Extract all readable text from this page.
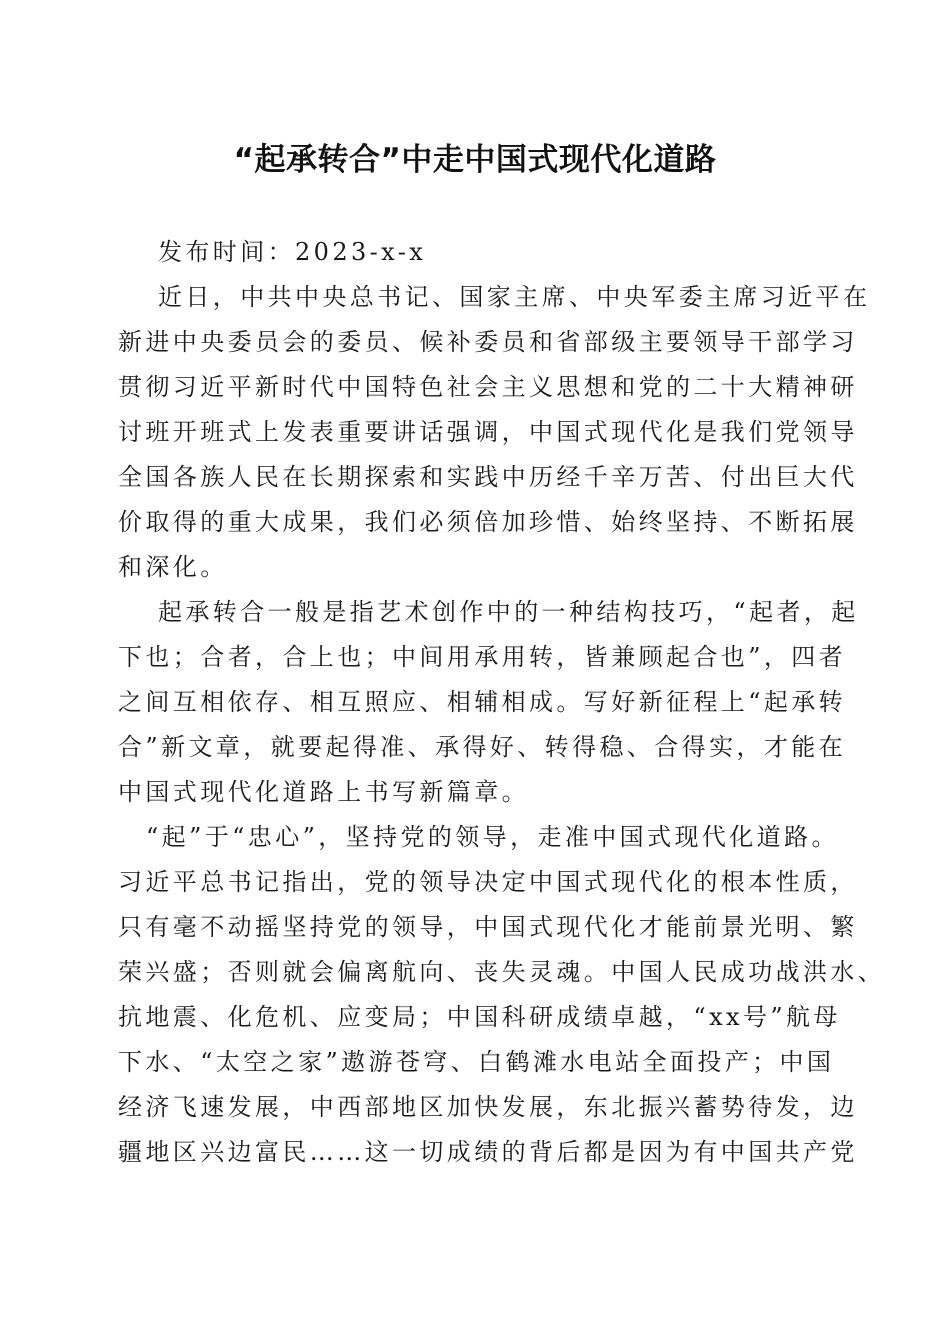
“起承转合”中走中国式现代化道路
发布时间：2023-x-x
近日，中共中央总书记、国家主席、中央军委主席习近平在
新进中央委员会的委员、候补委员和省部级主要领导干部学习
贯彻习近平新时代中国特色社会主义思想和党的二十大精神研
讨班开班式上发表重要讲话强调，中国式现代化是我们党领导
全国各族人民在长期探索和实践中历经千辛万苦、付出巨大代
价取得的重大成果，我们必须倍加珍惜、始终坚持、不断拓展
和深化。
起承转合一般是指艺术创作中的一种结构技巧，“起者，起
下也；合者，合上也；中间用承用转，皆兼顾起合也”，四者
之间互相依存、相互照应、相辅相成。写好新征程上“起承转
合”新文章，就要起得准、承得好、转得稳、合得实，才能在
中国式现代化道路上书写新篇章。
“起”于“忠心”，坚持党的领导，走准中国式现代化道路。
习近平总书记指出，党的领导决定中国式现代化的根本性质，
只有毫不动摇坚持党的领导，中国式现代化才能前景光明、繁
荣兴盛；否则就会偏离航向、丧失灵魂。中国人民成功战洪水、
抗地震、化危机、应变局；中国科研成绩卓越，“xx号”航母
下水、“太空之家”遨游苍穹、白鹤滩水电站全面投产；中国
经济飞速发展，中西部地区加快发展，东北振兴蓄势待发，边
疆地区兴边富民……这一切成绩的背后都是因为有中国共产党
